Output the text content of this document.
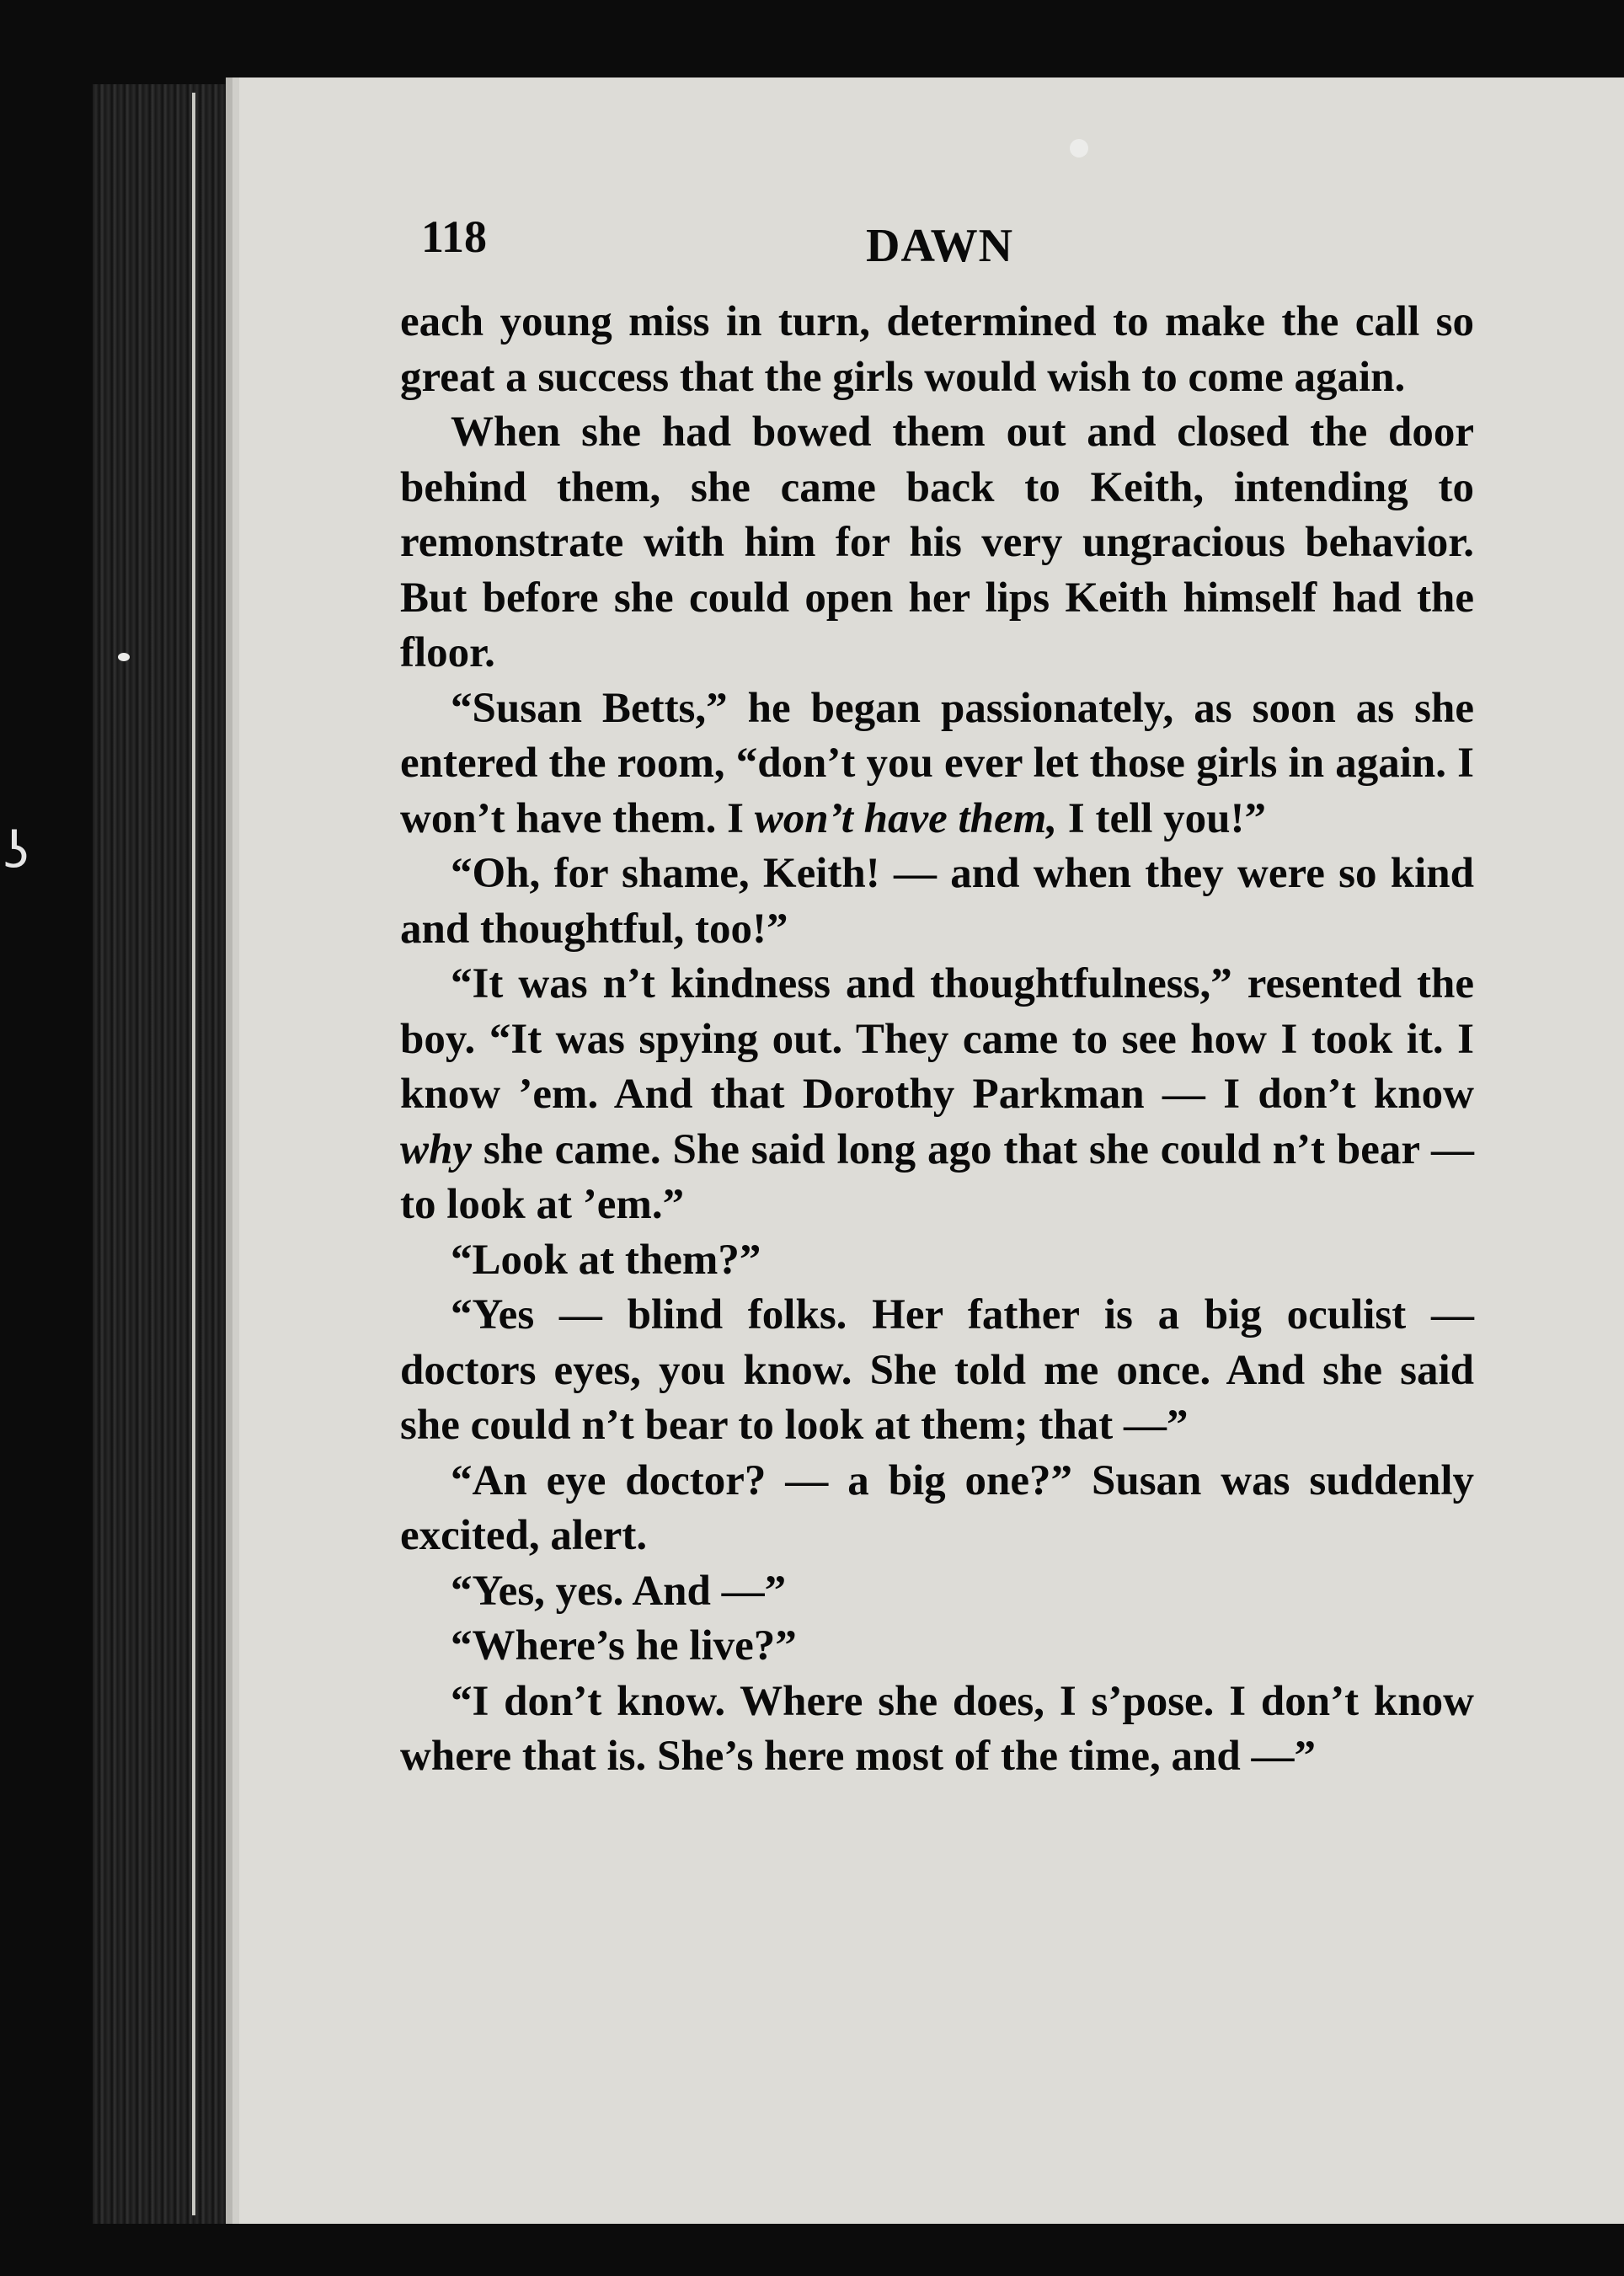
ʖ
118	DAWN

each young miss in turn, determined to make the call so great a success that the girls would wish to come again.

When she had bowed them out and closed the door behind them, she came back to Keith, intending to remonstrate with him for his very ungracious behavior. But before she could open her lips Keith himself had the floor.

“Susan Betts,” he began passionately, as soon as she entered the room, “don’t you ever let those girls in again. I won’t have them. I won’t have them, I tell you!”

“Oh, for shame, Keith! — and when they were so kind and thoughtful, too!”

“It was n’t kindness and thoughtfulness,” resented the boy. “It was spying out. They came to see how I took it. I know ’em. And that Dorothy Parkman — I don’t know why she came. She said long ago that she could n’t bear — to look at ’em.”

“Look at them?”

“Yes — blind folks. Her father is a big oculist — doctors eyes, you know. She told me once. And she said she could n’t bear to look at them; that —”

“An eye doctor? — a big one?” Susan was suddenly excited, alert.

“Yes, yes. And —”

“Where’s he live?”

“I don’t know. Where she does, I s’pose. I don’t know where that is. She’s here most of the time, and —”
